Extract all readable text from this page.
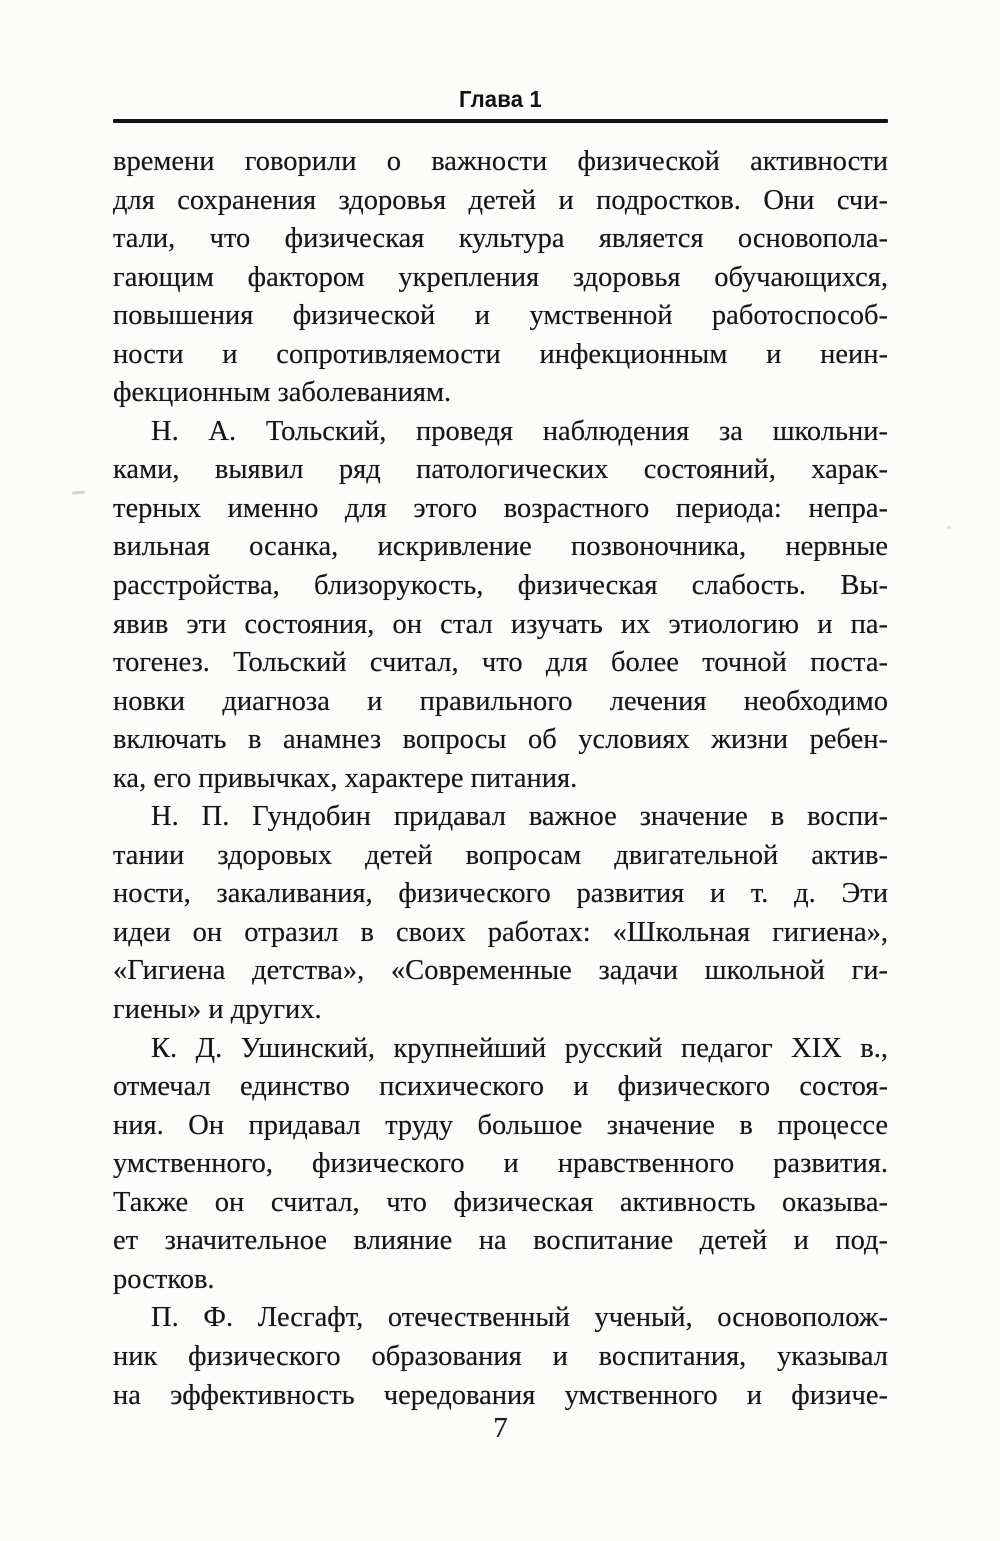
Глава 1
времени говорили о важности физической активности
для сохранения здоровья детей и подростков. Они счи-
тали, что физическая культура является основопола-
гающим фактором укрепления здоровья обучающихся,
повышения физической и умственной работоспособ-
ности и сопротивляемости инфекционным и неин-
фекционным заболеваниям.
Н. А. Тольский, проведя наблюдения за школьни-
ками, выявил ряд патологических состояний, харак-
терных именно для этого возрастного периода: непра-
вильная осанка, искривление позвоночника, нервные
расстройства, близорукость, физическая слабость. Вы-
явив эти состояния, он стал изучать их этиологию и па-
тогенез. Тольский считал, что для более точной поста-
новки диагноза и правильного лечения необходимо
включать в анамнез вопросы об условиях жизни ребен-
ка, его привычках, характере питания.
Н. П. Гундобин придавал важное значение в воспи-
тании здоровых детей вопросам двигательной актив-
ности, закаливания, физического развития и т. д. Эти
идеи он отразил в своих работах: «Школьная гигиена»,
«Гигиена детства», «Современные задачи школьной ги-
гиены» и других.
К. Д. Ушинский, крупнейший русский педагог XIX в.,
отмечал единство психического и физического состоя-
ния. Он придавал труду большое значение в процессе
умственного, физического и нравственного развития.
Также он считал, что физическая активность оказыва-
ет значительное влияние на воспитание детей и под-
ростков.
П. Ф. Лесгафт, отечественный ученый, основополож-
ник физического образования и воспитания, указывал
на эффективность чередования умственного и физиче-
7
